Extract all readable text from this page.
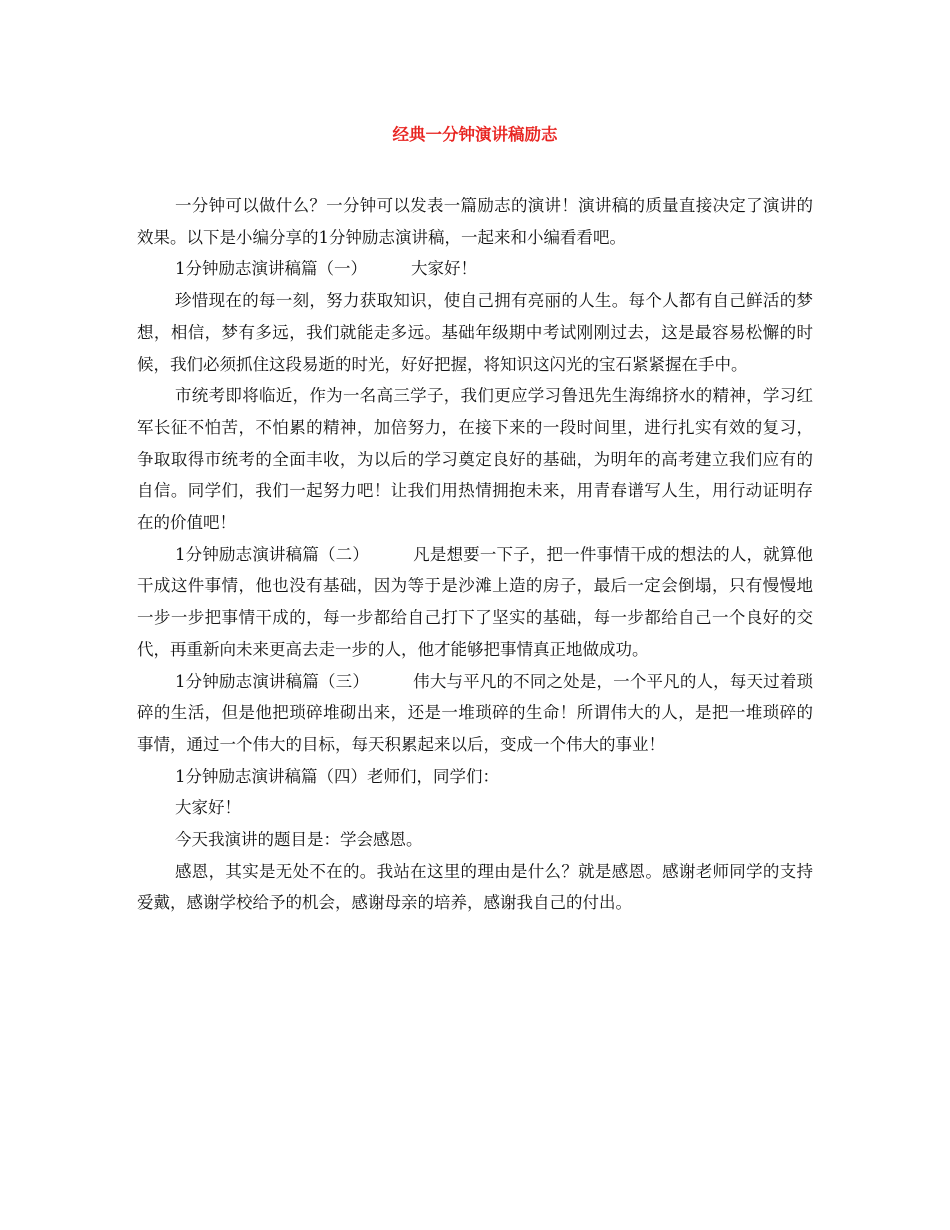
经典一分钟演讲稿励志

一分钟可以做什么？一分钟可以发表一篇励志的演讲！演讲稿的质量直接决定了演讲的效果。以下是小编分享的1分钟励志演讲稿，一起来和小编看看吧。

1分钟励志演讲稿篇（一）	大家好！

珍惜现在的每一刻，努力获取知识，使自己拥有亮丽的人生。每个人都有自己鲜活的梦想，相信，梦有多远，我们就能走多远。基础年级期中考试刚刚过去，这是最容易松懈的时候，我们必须抓住这段易逝的时光，好好把握，将知识这闪光的宝石紧紧握在手中。

市统考即将临近，作为一名高三学子，我们更应学习鲁迅先生海绵挤水的精神，学习红军长征不怕苦，不怕累的精神，加倍努力，在接下来的一段时间里，进行扎实有效的复习，争取取得市统考的全面丰收，为以后的学习奠定良好的基础，为明年的高考建立我们应有的自信。同学们，我们一起努力吧！让我们用热情拥抱未来，用青春谱写人生，用行动证明存在的价值吧！

1分钟励志演讲稿篇（二）	凡是想要一下子，把一件事情干成的想法的人，就算他干成这件事情，他也没有基础，因为等于是沙滩上造的房子，最后一定会倒塌，只有慢慢地一步一步把事情干成的，每一步都给自己打下了坚实的基础，每一步都给自己一个良好的交代，再重新向未来更高去走一步的人，他才能够把事情真正地做成功。

1分钟励志演讲稿篇（三）	伟大与平凡的不同之处是，一个平凡的人，每天过着琐碎的生活，但是他把琐碎堆砌出来，还是一堆琐碎的生命！所谓伟大的人，是把一堆琐碎的事情，通过一个伟大的目标，每天积累起来以后，变成一个伟大的事业！

1分钟励志演讲稿篇（四）老师们，同学们：

大家好！

今天我演讲的题目是：学会感恩。

感恩，其实是无处不在的。我站在这里的理由是什么？就是感恩。感谢老师同学的支持爱戴，感谢学校给予的机会，感谢母亲的培养，感谢我自己的付出。
